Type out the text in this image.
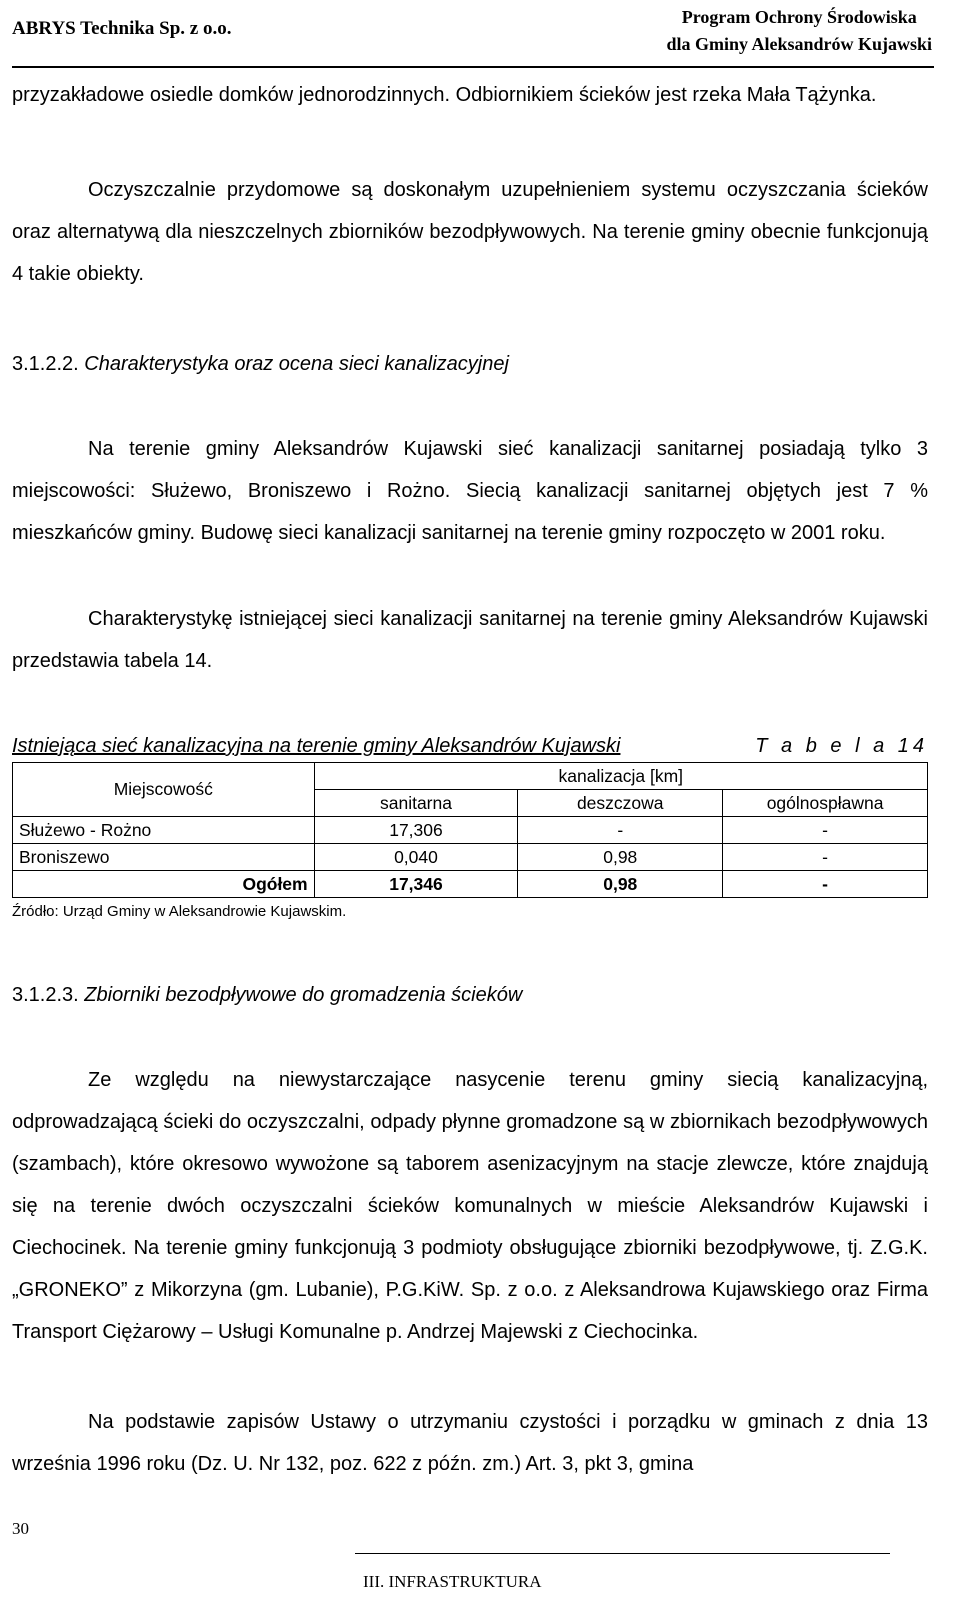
ABRYS Technika Sp. z o.o.
Program Ochrony Środowiska
dla Gminy Aleksandrów Kujawski
przyzakładowe osiedle domków jednorodzinnych. Odbiornikiem ścieków jest rzeka Mała Tążynka.
Oczyszczalnie przydomowe są doskonałym uzupełnieniem systemu oczyszczania ścieków oraz alternatywą dla nieszczelnych zbiorników bezodpływowych. Na terenie gminy obecnie funkcjonują 4 takie obiekty.
3.1.2.2. Charakterystyka oraz ocena sieci kanalizacyjnej
Na terenie gminy Aleksandrów Kujawski sieć kanalizacji sanitarnej posiadają tylko 3 miejscowości: Służewo, Broniszewo i Rożno. Siecią kanalizacji sanitarnej objętych jest 7 % mieszkańców gminy. Budowę sieci kanalizacji sanitarnej na terenie gminy rozpoczęto w 2001 roku.
Charakterystykę istniejącej sieci kanalizacji sanitarnej na terenie gminy Aleksandrów Kujawski przedstawia tabela 14.
Istniejąca sieć kanalizacyjna na terenie gminy Aleksandrów Kujawski	T a b e l a 14
Miejscowość	kanalizacja [km]		
	sanitarna	deszczowa	ogólnospławna
Służewo - Rożno	17,306	-	-
Broniszewo	0,040	0,98	-
Ogółem	17,346	0,98	-
Źródło: Urząd Gminy w Aleksandrowie Kujawskim.
3.1.2.3. Zbiorniki bezodpływowe do gromadzenia ścieków
Ze względu na niewystarczające nasycenie terenu gminy siecią kanalizacyjną, odprowadzającą ścieki do oczyszczalni, odpady płynne gromadzone są w zbiornikach bezodpływowych (szambach), które okresowo wywożone są taborem asenizacyjnym na stacje zlewcze, które znajdują się na terenie dwóch oczyszczalni ścieków komunalnych w mieście Aleksandrów Kujawski i Ciechocinek. Na terenie gminy funkcjonują 3 podmioty obsługujące zbiorniki bezodpływowe, tj. Z.G.K. „GRONEKO” z Mikorzyna (gm. Lubanie), P.G.KiW. Sp. z o.o. z Aleksandrowa Kujawskiego oraz Firma Transport Ciężarowy – Usługi Komunalne p. Andrzej Majewski z Ciechocinka.
Na podstawie zapisów Ustawy o utrzymaniu czystości i porządku w gminach z dnia 13 września 1996 roku (Dz. U. Nr 132, poz. 622 z późn. zm.) Art. 3, pkt 3, gmina
30
III. INFRASTRUKTURA
